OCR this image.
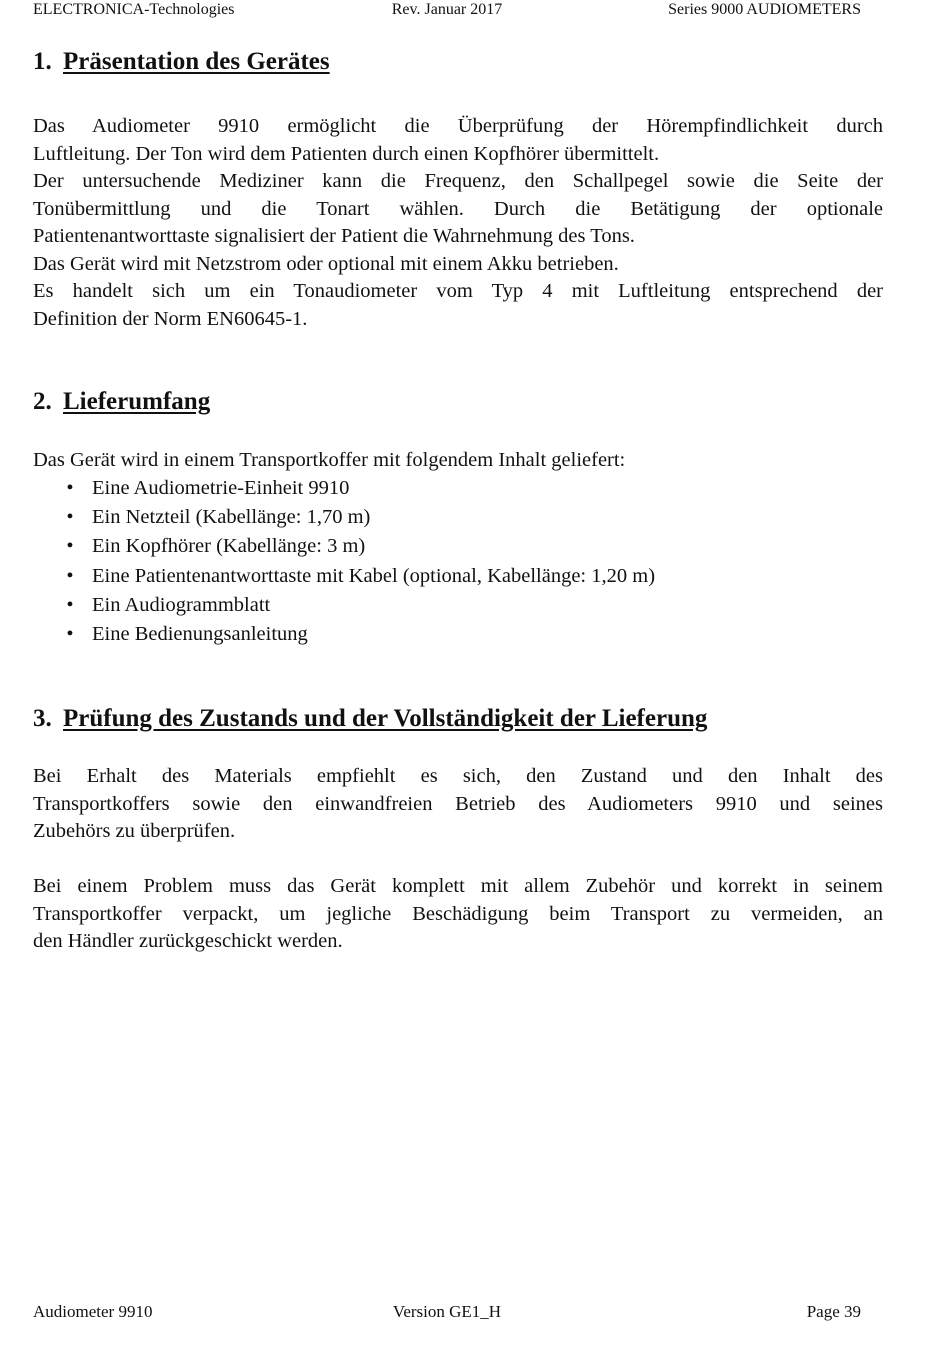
ELECTRONICA-Technologies	Rev. Januar 2017	Series 9000 AUDIOMETERS
1. Präsentation des Gerätes

Das Audiometer 9910 ermöglicht die Überprüfung der Hörempfindlichkeit durch
Luftleitung. Der Ton wird dem Patienten durch einen Kopfhörer übermittelt.
Der untersuchende Mediziner kann die Frequenz, den Schallpegel sowie die Seite der
Tonübermittlung und die Tonart wählen. Durch die Betätigung der optionale
Patientenantworttaste signalisiert der Patient die Wahrnehmung des Tons.
Das Gerät wird mit Netzstrom oder optional mit einem Akku betrieben.
Es handelt sich um ein Tonaudiometer vom Typ 4 mit Luftleitung entsprechend der
Definition der Norm EN60645-1.

2. Lieferumfang

Das Gerät wird in einem Transportkoffer mit folgendem Inhalt geliefert:

• Eine Audiometrie-Einheit 9910
• Ein Netzteil (Kabellänge: 1,70 m)
• Ein Kopfhörer (Kabellänge: 3 m)
• Eine Patientenantworttaste mit Kabel (optional, Kabellänge: 1,20 m)
• Ein Audiogrammblatt
• Eine Bedienungsanleitung
3. Prüfung des Zustands und der Vollständigkeit der Lieferung

Bei Erhalt des Materials empfiehlt es sich, den Zustand und den Inhalt des
Transportkoffers sowie den einwandfreien Betrieb des Audiometers 9910 und seines
Zubehörs zu überprüfen.

Bei einem Problem muss das Gerät komplett mit allem Zubehör und korrekt in seinem
Transportkoffer verpackt, um jegliche Beschädigung beim Transport zu vermeiden, an
den Händler zurückgeschickt werden.

Audiometer 9910	Version GE1_H	Page 39
